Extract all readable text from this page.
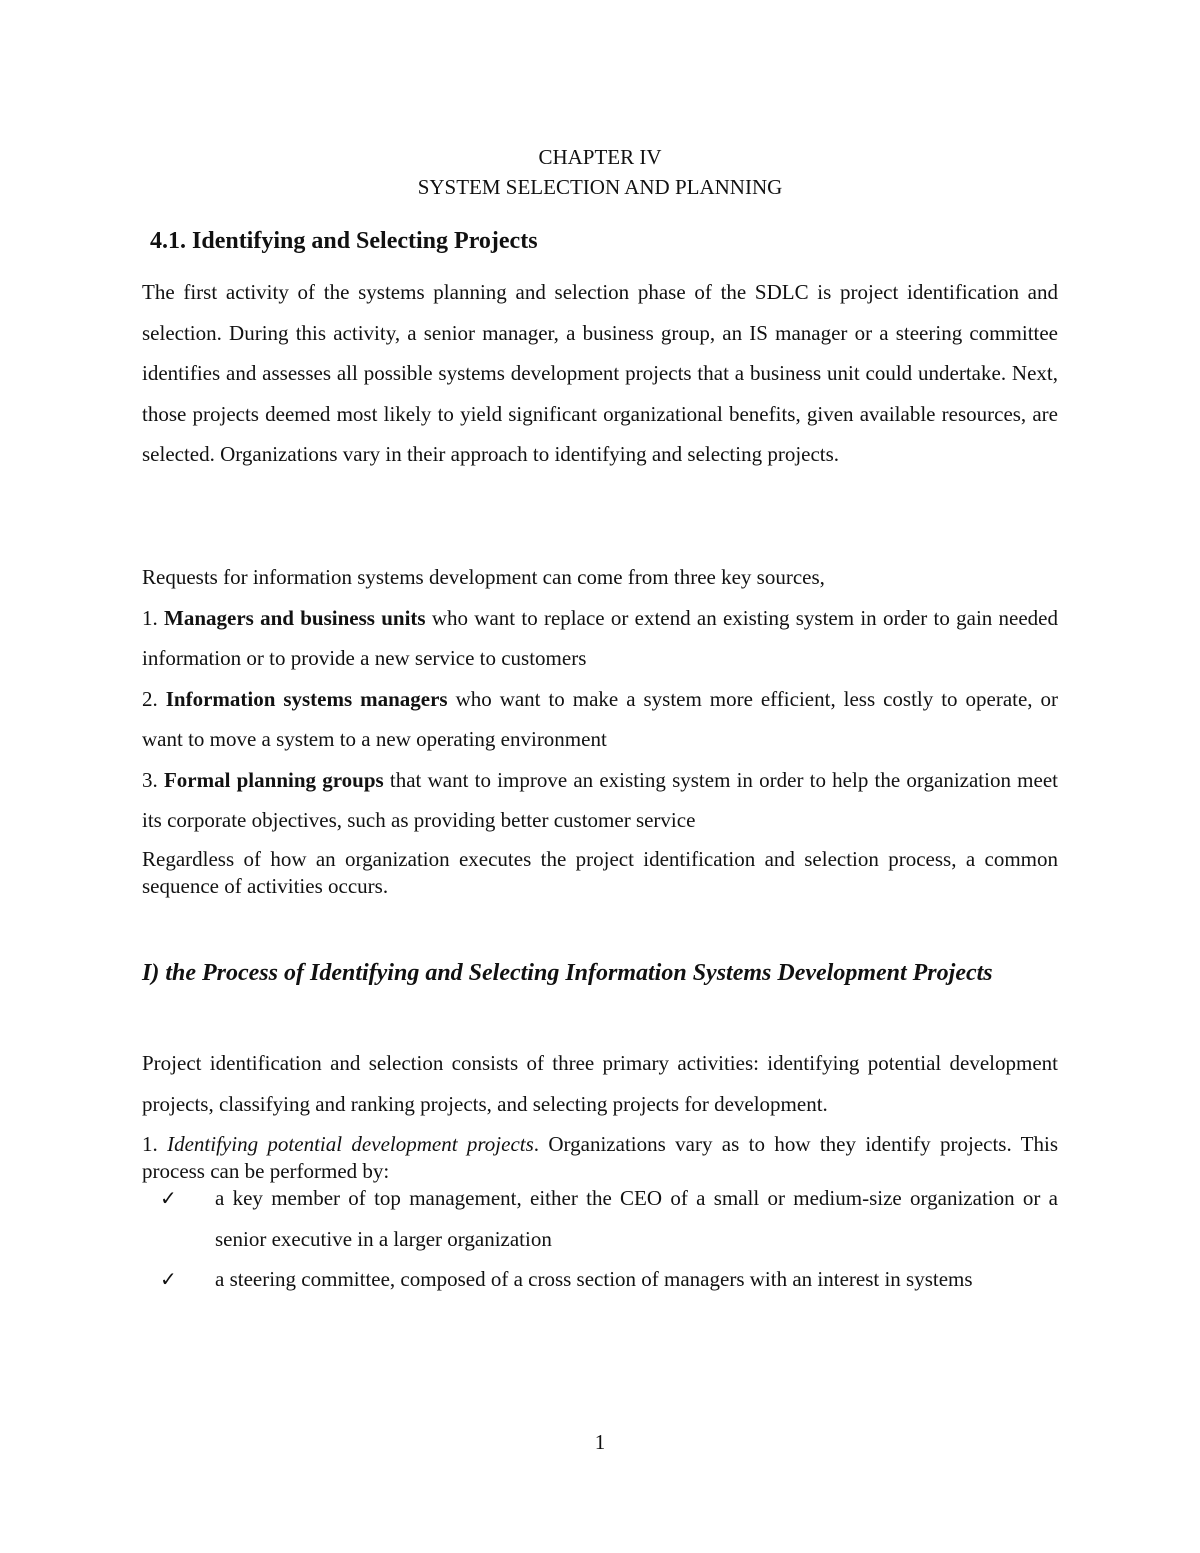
CHAPTER IV
SYSTEM SELECTION AND PLANNING
4.1. Identifying and Selecting Projects

The first activity of the systems planning and selection phase of the SDLC is project identification and selection. During this activity, a senior manager, a business group, an IS manager or a steering committee identifies and assesses all possible systems development projects that a business unit could undertake. Next, those projects deemed most likely to yield significant organizational benefits, given available resources, are selected. Organizations vary in their approach to identifying and selecting projects.

Requests for information systems development can come from three key sources,

1. Managers and business units who want to replace or extend an existing system in order to gain needed information or to provide a new service to customers

2. Information systems managers who want to make a system more efficient, less costly to operate, or want to move a system to a new operating environment

3. Formal planning groups that want to improve an existing system in order to help the organization meet its corporate objectives, such as providing better customer service

Regardless of how an organization executes the project identification and selection process, a common sequence of activities occurs.

I) the Process of Identifying and Selecting Information Systems Development Projects

Project identification and selection consists of three primary activities: identifying potential development projects, classifying and ranking projects, and selecting projects for development.

1. Identifying potential development projects. Organizations vary as to how they identify projects. This process can be performed by:

✓	a key member of top management, either the CEO of a small or medium-size organization or a senior executive in a larger organization

✓	a steering committee, composed of a cross section of managers with an interest in systems

1
